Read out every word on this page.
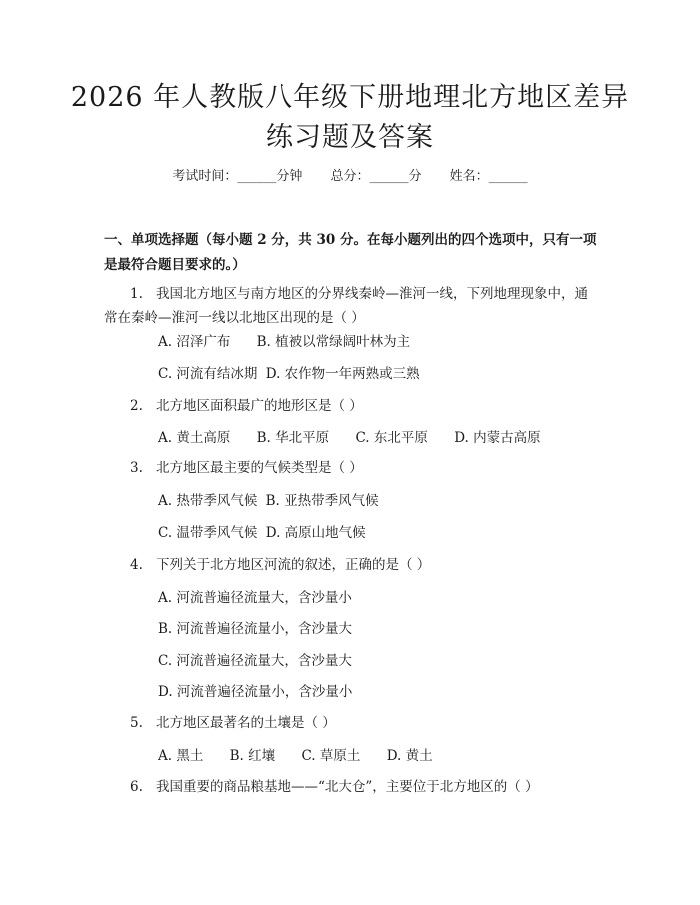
2026 年人教版八年级下册地理北方地区差异
练习题及答案
考试时间：______分钟 总分：______分 姓名：______
一、单项选择题（每小题 2 分，共 30 分。在每小题列出的四个选项中，只有一项
是最符合题目要求的。）
1. 我国北方地区与南方地区的分界线秦岭—淮河一线，下列地理现象中，通
常在秦岭—淮河一线以北地区出现的是（ ）
A. 沼泽广布 B. 植被以常绿阔叶林为主
C. 河流有结冰期 D. 农作物一年两熟或三熟
2. 北方地区面积最广的地形区是（ ）
A. 黄土高原 B. 华北平原 C. 东北平原 D. 内蒙古高原
3. 北方地区最主要的气候类型是（ ）
A. 热带季风气候 B. 亚热带季风气候
C. 温带季风气候 D. 高原山地气候
4. 下列关于北方地区河流的叙述，正确的是（ ）
A. 河流普遍径流量大，含沙量小
B. 河流普遍径流量小，含沙量大
C. 河流普遍径流量大，含沙量大
D. 河流普遍径流量小，含沙量小
5. 北方地区最著名的土壤是（ ）
A. 黑土 B. 红壤 C. 草原土 D. 黄土
6. 我国重要的商品粮基地——“北大仓”，主要位于北方地区的（ ）
